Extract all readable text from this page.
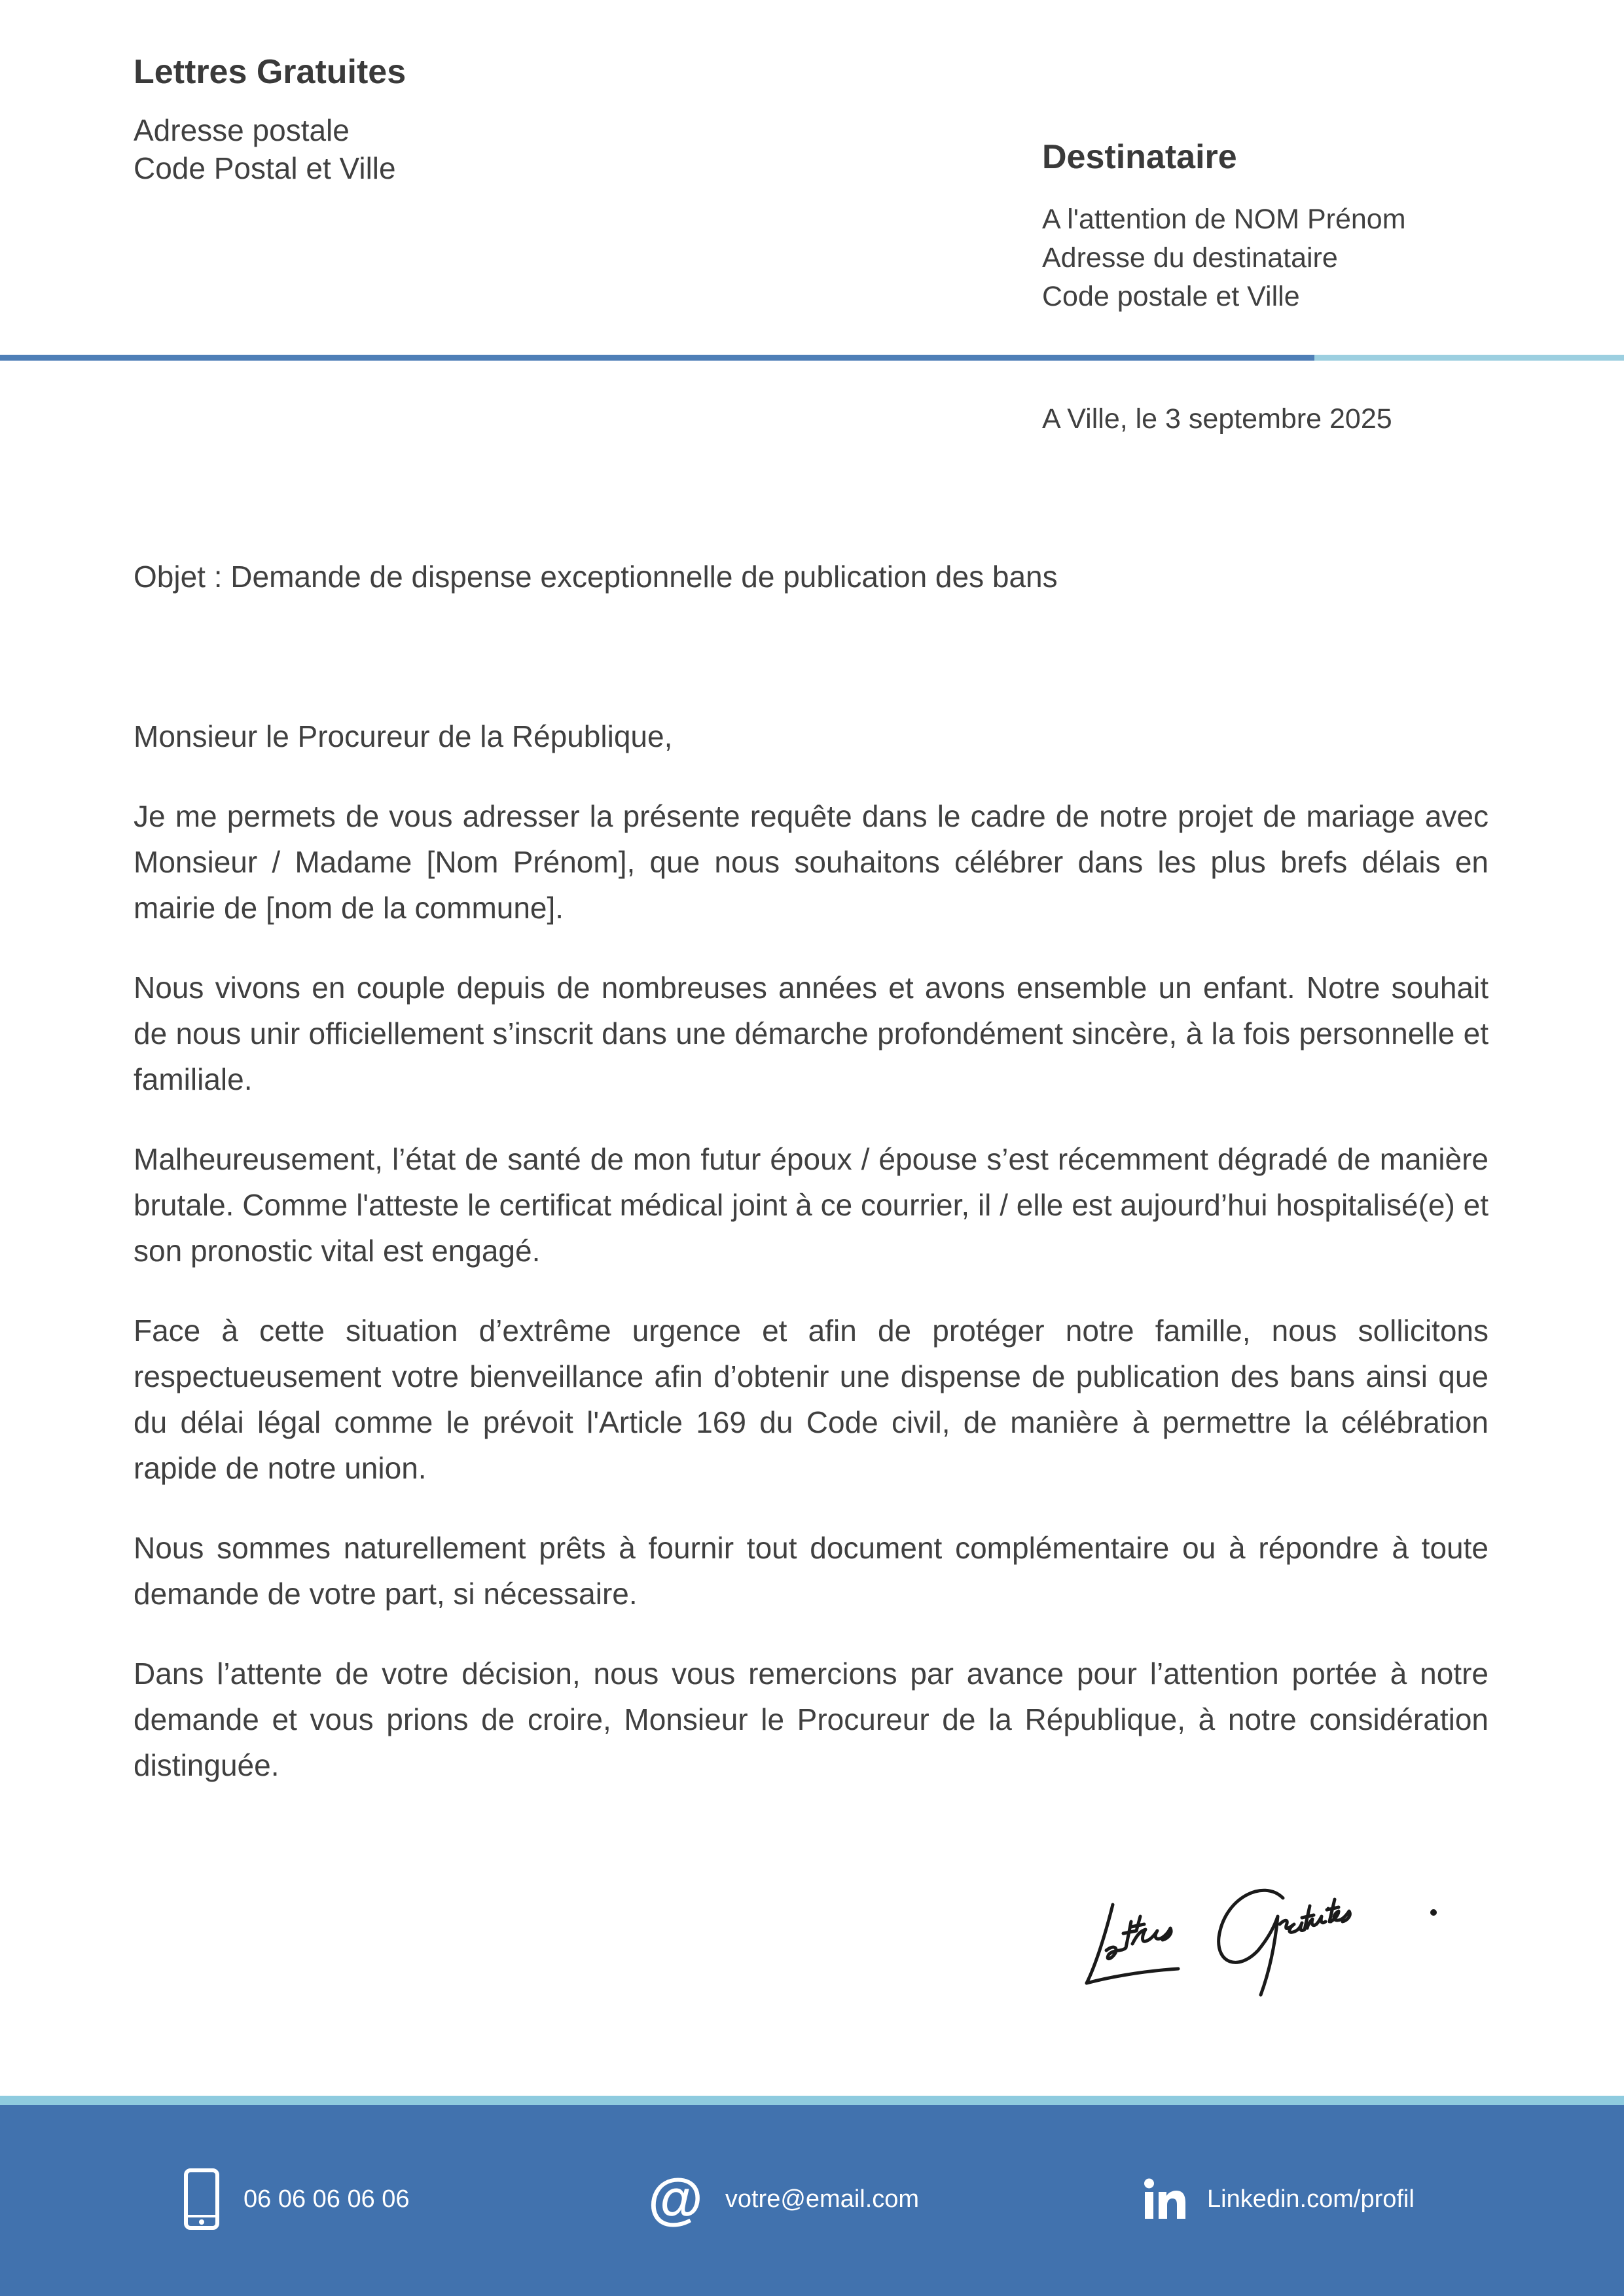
Lettres Gratuites
Adresse postale
Code Postal et Ville	Destinataire
A l'attention de NOM Prénom
Adresse du destinataire
Code postale et Ville
A Ville, le 3 septembre 2025
Objet : Demande de dispense exceptionnelle de publication des bans

Monsieur le Procureur de la République,

Je me permets de vous adresser la présente requête dans le cadre de notre projet de mariage avec Monsieur / Madame [Nom Prénom], que nous souhaitons célébrer dans les plus brefs délais en mairie de [nom de la commune].

Nous vivons en couple depuis de nombreuses années et avons ensemble un enfant. Notre souhait de nous unir officiellement s’inscrit dans une démarche profondément sincère, à la fois personnelle et familiale.

Malheureusement, l’état de santé de mon futur époux / épouse s’est récemment dégradé de manière brutale. Comme l'atteste le certificat médical joint à ce courrier, il / elle est aujourd’hui hospitalisé(e) et son pronostic vital est engagé.

Face à cette situation d’extrême urgence et afin de protéger notre famille, nous sollicitons respectueusement votre bienveillance afin d’obtenir une dispense de publication des bans ainsi que du délai légal comme le prévoit l'Article 169 du Code civil, de manière à permettre la célébration rapide de notre union.

Nous sommes naturellement prêts à fournir tout document complémentaire ou à répondre à toute demande de votre part, si nécessaire.

Dans l’attente de votre décision, nous vous remercions par avance pour l’attention portée à notre demande et vous prions de croire, Monsieur le Procureur de la République, à notre considération distinguée.

06 06 06 06 06	@ votre@email.com	Linkedin.com/profil
